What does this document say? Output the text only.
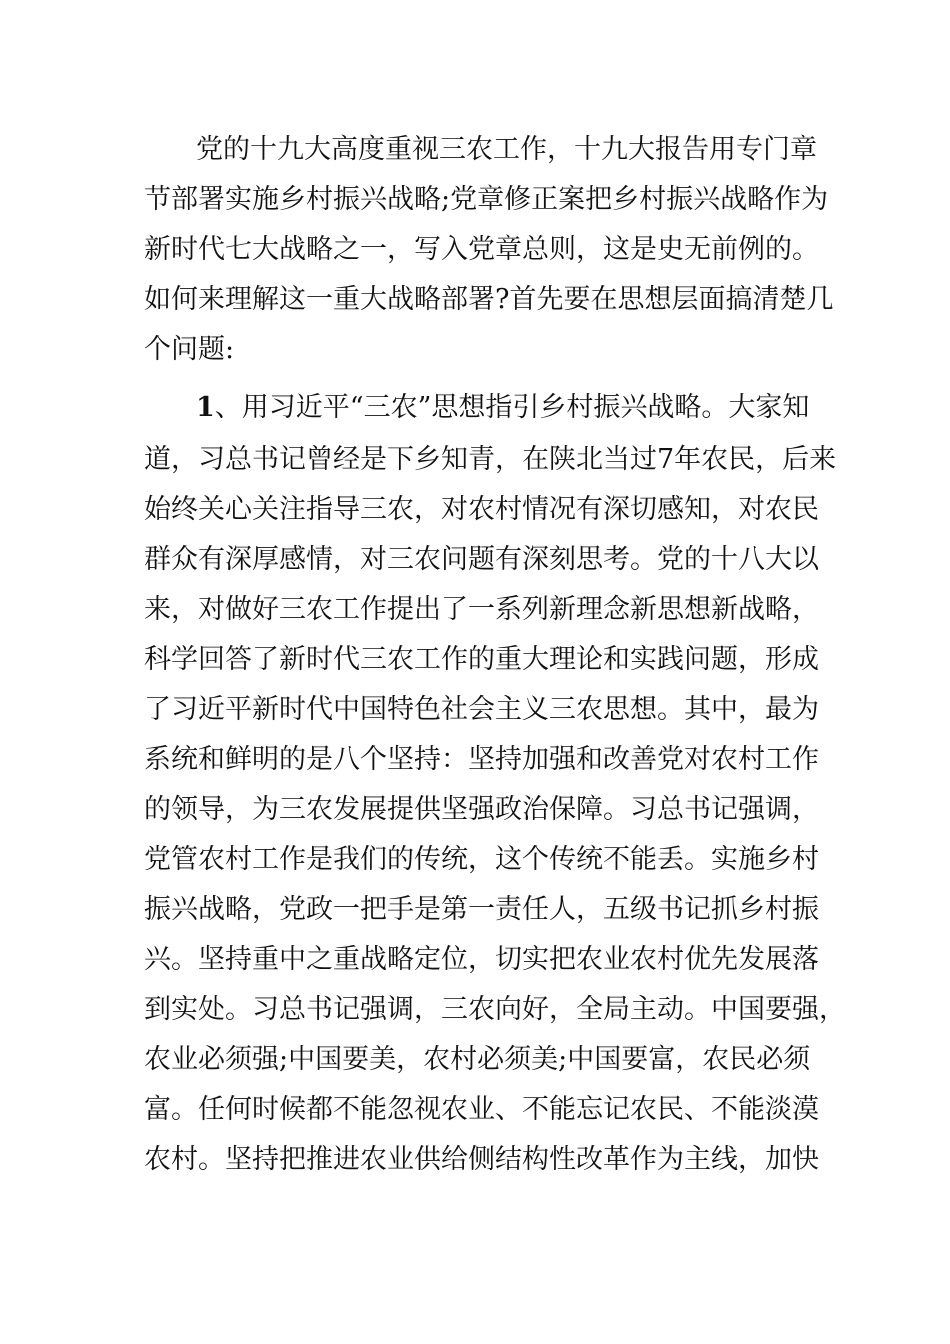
党的十九大高度重视三农工作，十九大报告用专门章

节部署实施乡村振兴战略;党章修正案把乡村振兴战略作为

新时代七大战略之一，写入党章总则，这是史无前例的。

如何来理解这一重大战略部署?首先要在思想层面搞清楚几

个问题:

1、用习近平“三农”思想指引乡村振兴战略。大家知

道，习总书记曾经是下乡知青，在陕北当过7年农民，后来

始终关心关注指导三农，对农村情况有深切感知，对农民

群众有深厚感情，对三农问题有深刻思考。党的十八大以

来，对做好三农工作提出了一系列新理念新思想新战略，

科学回答了新时代三农工作的重大理论和实践问题，形成

了习近平新时代中国特色社会主义三农思想。其中，最为

系统和鲜明的是八个坚持：坚持加强和改善党对农村工作

的领导，为三农发展提供坚强政治保障。习总书记强调，

党管农村工作是我们的传统，这个传统不能丢。实施乡村

振兴战略，党政一把手是第一责任人，五级书记抓乡村振

兴。坚持重中之重战略定位，切实把农业农村优先发展落

到实处。习总书记强调，三农向好，全局主动。中国要强，

农业必须强;中国要美，农村必须美;中国要富，农民必须

富。任何时候都不能忽视农业、不能忘记农民、不能淡漠

农村。坚持把推进农业供给侧结构性改革作为主线，加快
